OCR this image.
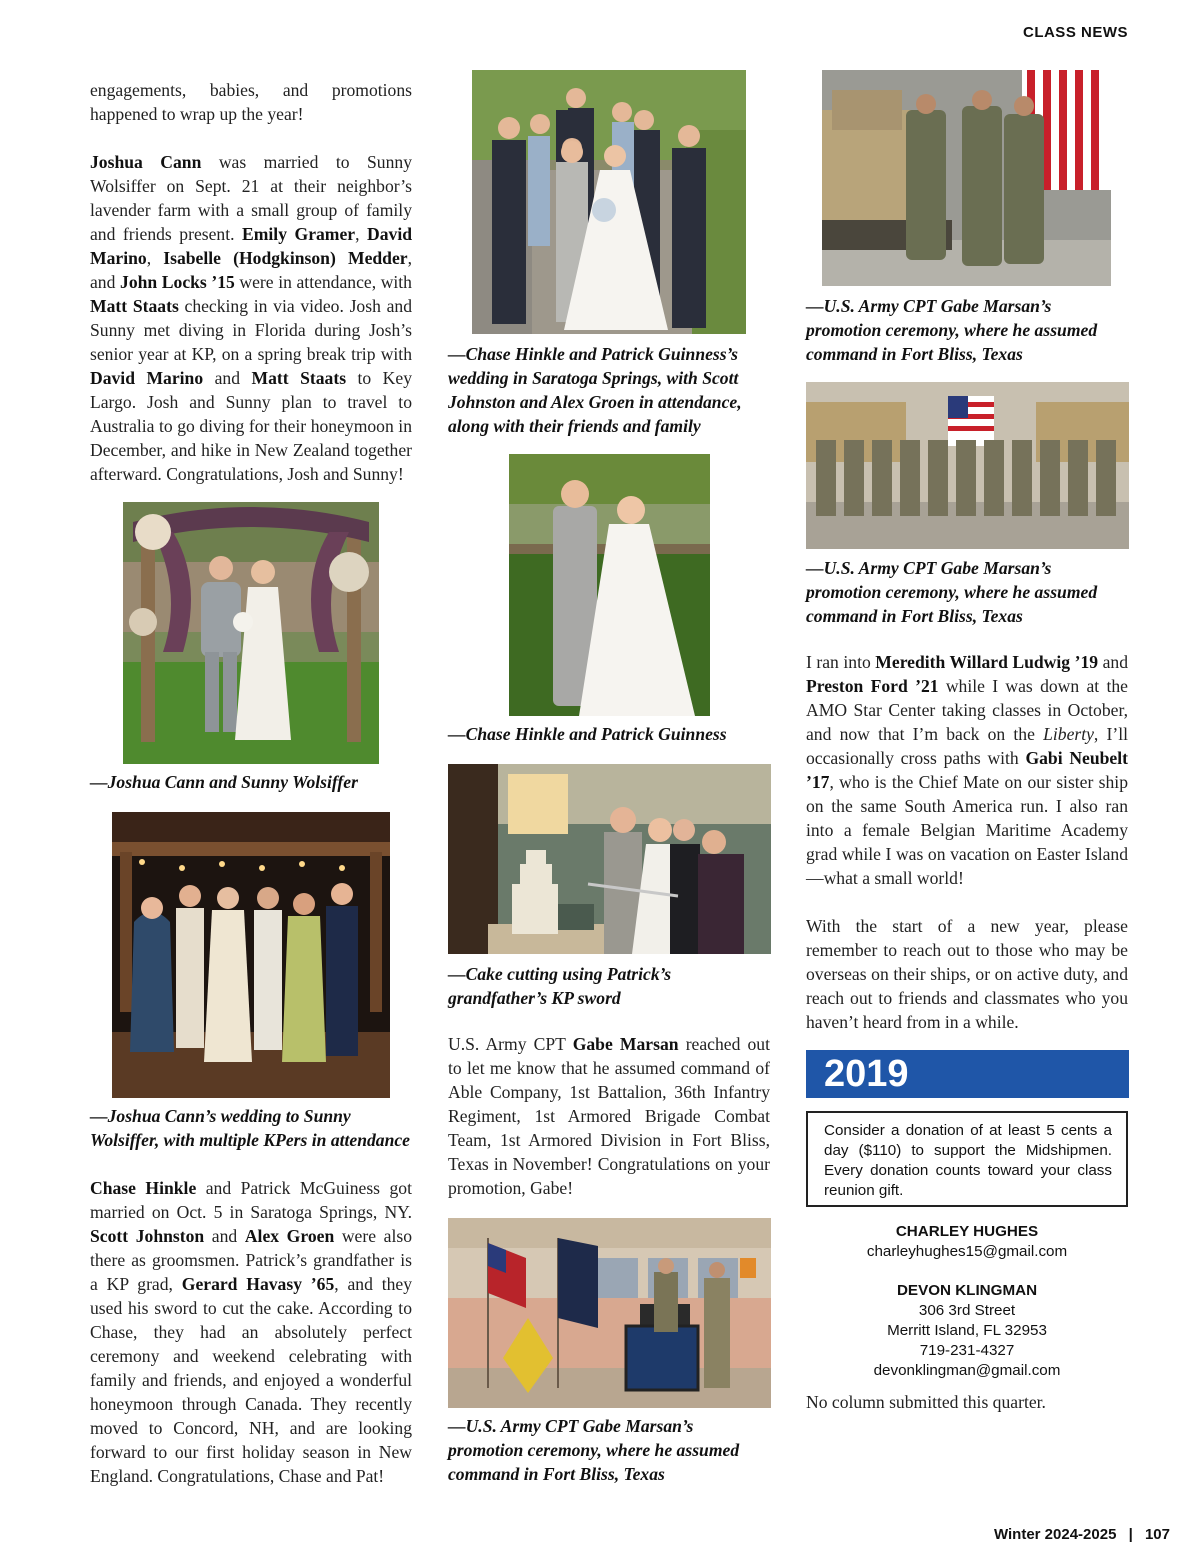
CLASS NEWS

engagements, babies, and promotions happened to wrap up the year!

Joshua Cann was married to Sunny Wolsiffer on Sept. 21 at their neighbor’s lavender farm with a small group of family and friends present. Emily Gramer, David Marino, Isabelle (Hodgkinson) Medder, and John Locks ’15 were in attendance, with Matt Staats checking in via video. Josh and Sunny met diving in Florida during Josh’s senior year at KP, on a spring break trip with David Marino and Matt Staats to Key Largo. Josh and Sunny plan to travel to Australia to go diving for their honeymoon in December, and hike in New Zealand together afterward. Congratulations, Josh and Sunny!

—Joshua Cann and Sunny Wolsiffer
—Joshua Cann’s wedding to Sunny Wolsiffer, with multiple KPers in attendance

Chase Hinkle and Patrick McGuiness got married on Oct. 5 in Saratoga Springs, NY. Scott Johnston and Alex Groen were also there as groomsmen. Patrick’s grandfather is a KP grad, Gerard Havasy ’65, and they used his sword to cut the cake. According to Chase, they had an absolutely perfect ceremony and weekend celebrating with family and friends, and enjoyed a wonderful honeymoon through Canada. They recently moved to Concord, NH, and are looking forward to our first holiday season in New England. Congratulations, Chase and Pat!

—Chase Hinkle and Patrick Guinness’s wedding in Saratoga Springs, with Scott Johnston and Alex Groen in attendance, along with their friends and family
—Chase Hinkle and Patrick Guinness
—Cake cutting using Patrick’s grandfather’s KP sword

U.S. Army CPT Gabe Marsan reached out to let me know that he assumed command of Able Company, 1st Battalion, 36th Infantry Regiment, 1st Armored Brigade Combat Team, 1st Armored Division in Fort Bliss, Texas in November! Congratulations on your promotion, Gabe!

—U.S. Army CPT Gabe Marsan’s promotion ceremony, where he assumed command in Fort Bliss, Texas
—U.S. Army CPT Gabe Marsan’s promotion ceremony, where he assumed command in Fort Bliss, Texas
—U.S. Army CPT Gabe Marsan’s promotion ceremony, where he assumed command in Fort Bliss, Texas

I ran into Meredith Willard Ludwig ’19 and Preston Ford ’21 while I was down at the AMO Star Center taking classes in October, and now that I’m back on the Liberty, I’ll occasionally cross paths with Gabi Neubelt ’17, who is the Chief Mate on our sister ship on the same South America run. I also ran into a female Belgian Maritime Academy grad while I was on vacation on Easter Island—what a small world!

With the start of a new year, please remember to reach out to those who may be overseas on their ships, or on active duty, and reach out to friends and classmates who you haven’t heard from in a while.

2019
Consider a donation of at least 5 cents a day ($110) to support the Midshipmen. Every donation counts toward your class reunion gift.
CHARLEY HUGHES
charleyhughes15@gmail.com
DEVON KLINGMAN
306 3rd Street
Merritt Island, FL 32953
719-231-4327
devonklingman@gmail.com

No column submitted this quarter.

Winter 2024-2025 | 107
